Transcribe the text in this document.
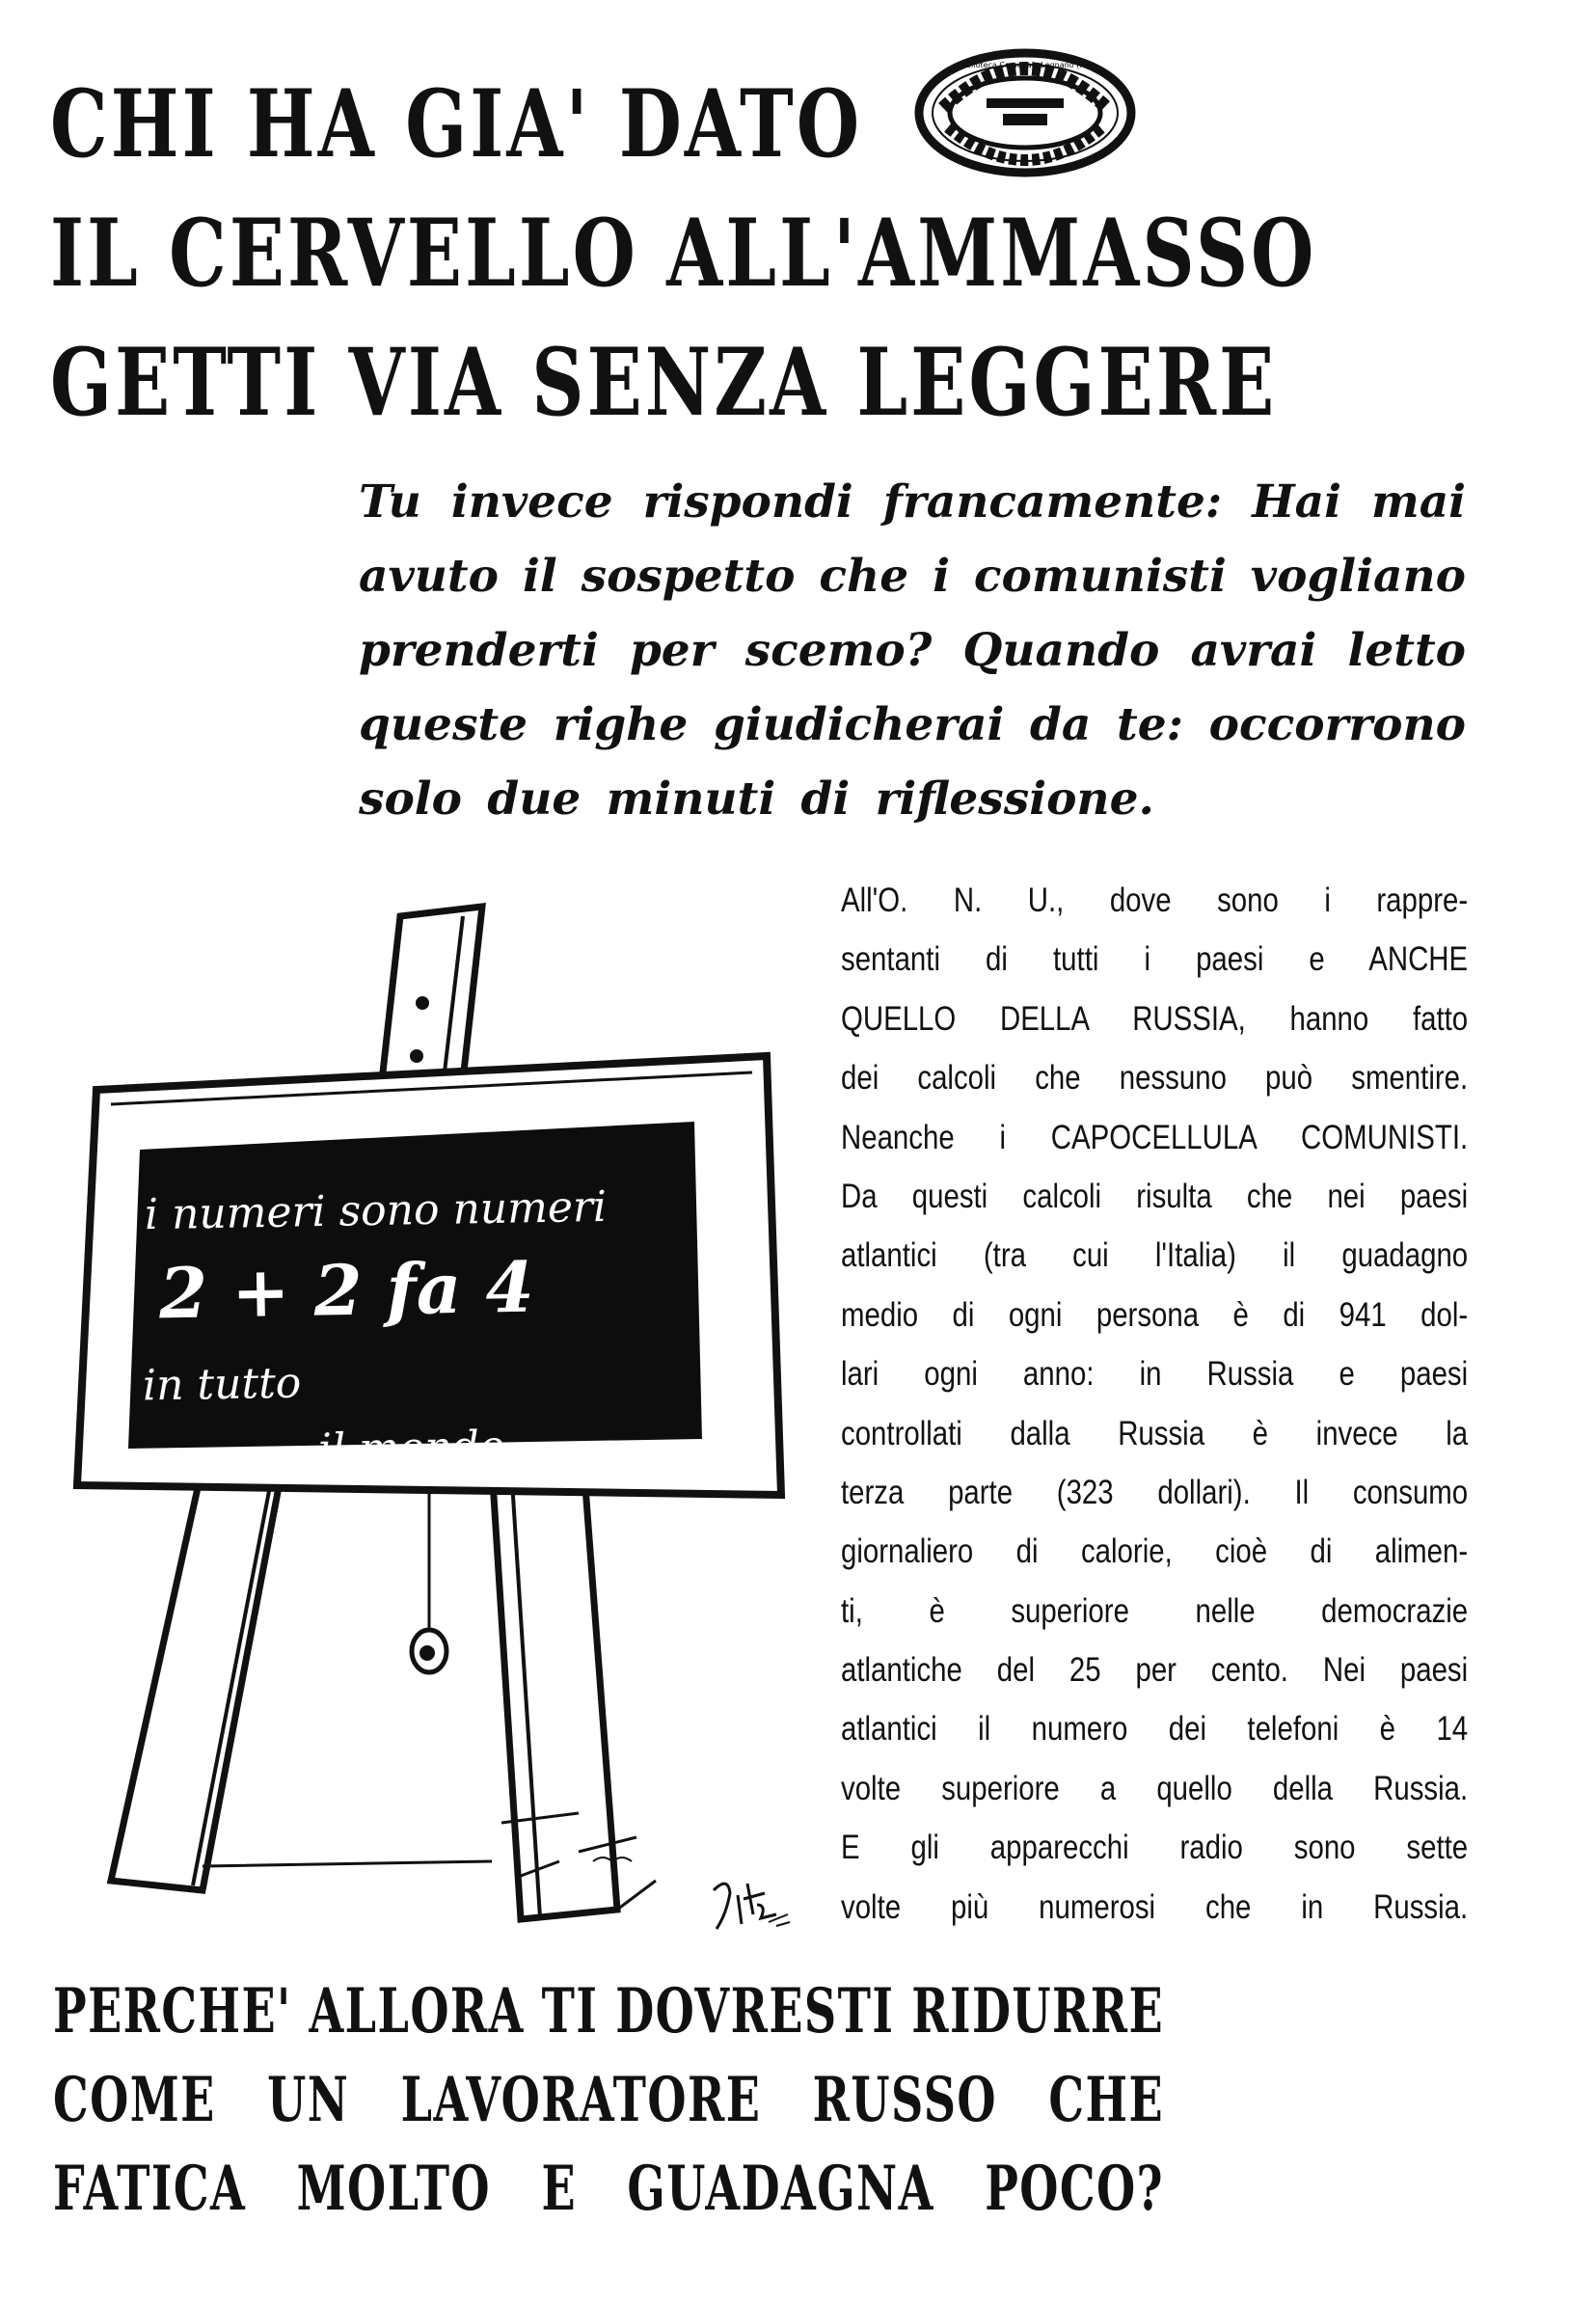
CHI HA GIA' DATO
IL CERVELLO ALL'AMMASSO
GETTI VIA SENZA LEGGERE
Biblioteca Comunale Legnano (MI)
Tu invece rispondi francamente: Hai mai
avuto il sospetto che i comunisti vogliano
prenderti per scemo? Quando avrai letto
queste righe giudicherai da te: occorrono
solo due minuti di riflessione.
i numeri sono numeri
2 + 2 fa 4
in tutto
il mondo
All'O. N. U., dove sono i rappre-
sentanti di tutti i paesi e ANCHE
QUELLO DELLA RUSSIA, hanno fatto
dei calcoli che nessuno può smentire.
Neanche i CAPOCELLULA COMUNISTI.
Da questi calcoli risulta che nei paesi
atlantici (tra cui l'Italia) il guadagno
medio di ogni persona è di 941 dol-
lari ogni anno: in Russia e paesi
controllati dalla Russia è invece la
terza parte (323 dollari). Il consumo
giornaliero di calorie, cioè di alimen-
ti, è superiore nelle democrazie
atlantiche del 25 per cento. Nei paesi
atlantici il numero dei telefoni è 14
volte superiore a quello della Russia.
E gli apparecchi radio sono sette
volte più numerosi che in Russia.
PERCHE' ALLORA TI DOVRESTI RIDURRE
COME UN LAVORATORE RUSSO CHE
FATICA MOLTO E GUADAGNA POCO?
